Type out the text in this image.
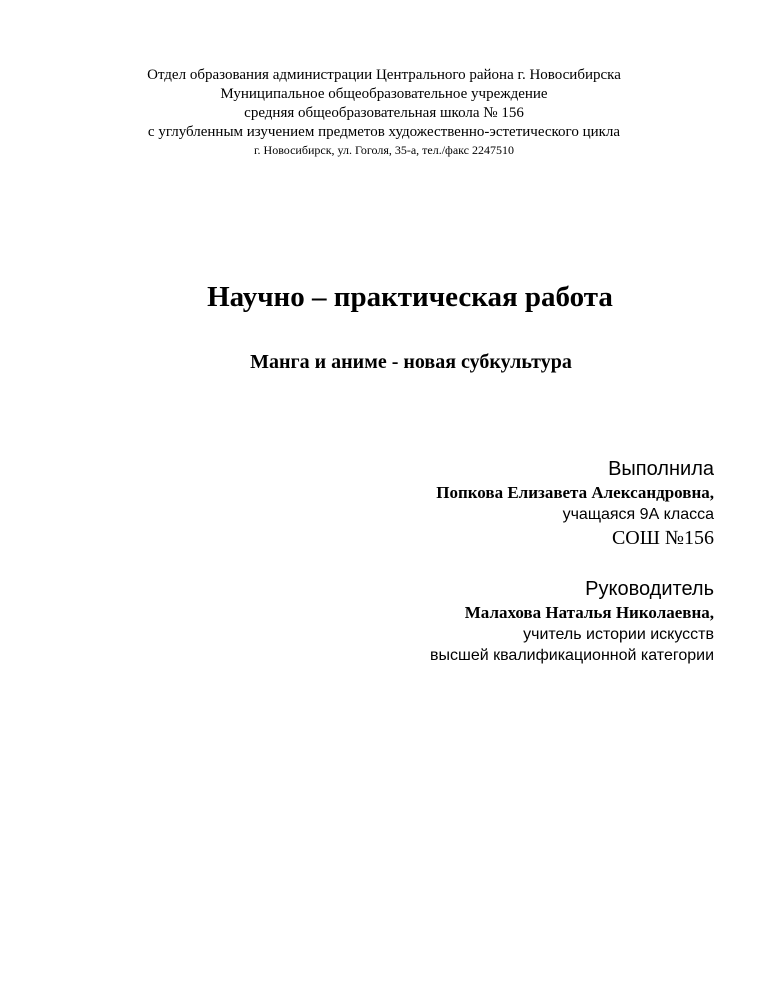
Отдел образования администрации Центрального района г. Новосибирска
Муниципальное общеобразовательное учреждение
средняя общеобразовательная школа № 156
с углубленным изучением предметов художественно-эстетического цикла
г. Новосибирск, ул. Гоголя, 35-а, тел./факс 2247510
Научно – практическая работа
Манга и аниме - новая субкультура
Выполнила
Попкова Елизавета Александровна,
учащаяся 9А класса
СОШ №156
Руководитель
Малахова Наталья Николаевна,
учитель истории искусств
высшей квалификационной категории
